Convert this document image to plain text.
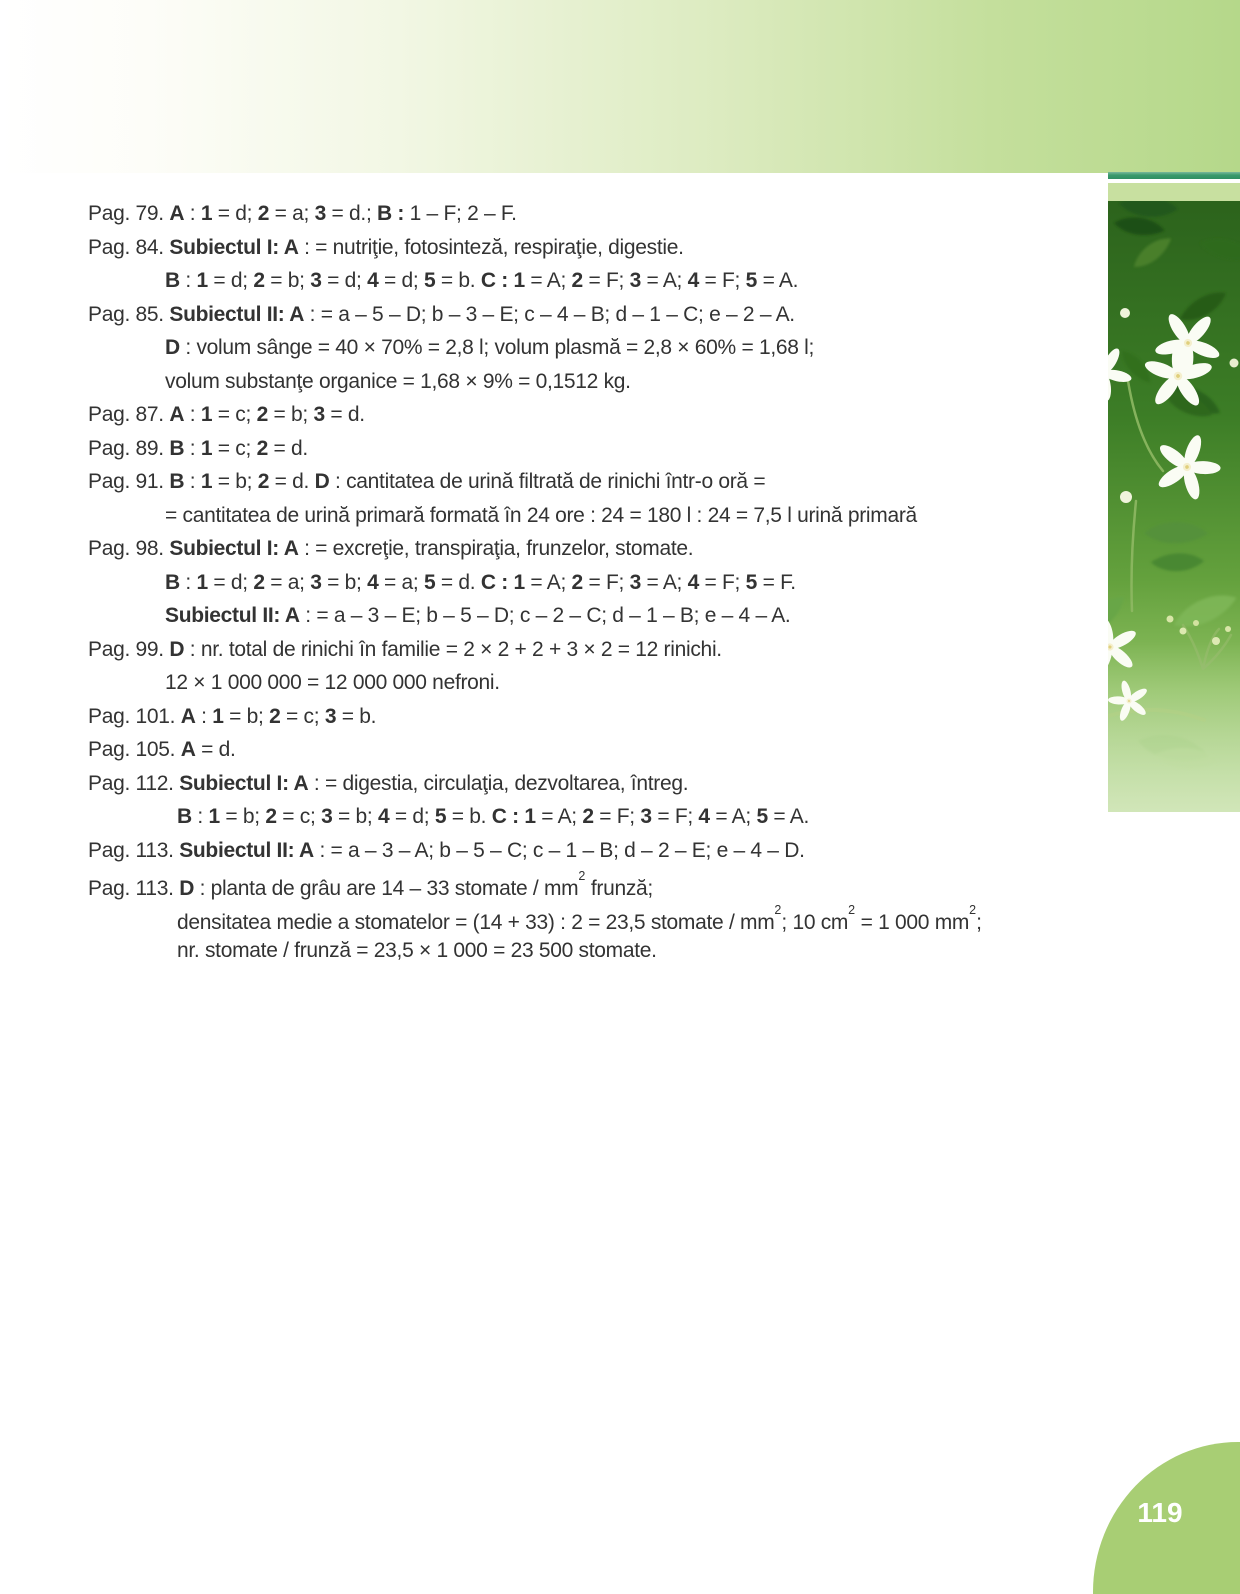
Pag. 79. A : 1 = d; 2 = a; 3 = d.; B : 1 – F; 2 – F.
Pag. 84. Subiectul I: A : = nutriţie, fotosinteză, respiraţie, digestie.
B : 1 = d; 2 = b; 3 = d; 4 = d; 5 = b. C : 1 = A; 2 = F; 3 = A; 4 = F; 5 = A.
Pag. 85. Subiectul II: A : = a – 5 – D; b – 3 – E; c – 4 – B; d – 1 – C; e – 2 – A.
D : volum sânge = 40 × 70% = 2,8 l; volum plasmă = 2,8 × 60% = 1,68 l;
volum substanţe organice = 1,68 × 9% = 0,1512 kg.
Pag. 87. A : 1 = c; 2 = b; 3 = d.
Pag. 89. B : 1 = c; 2 = d.
Pag. 91. B : 1 = b; 2 = d. D : cantitatea de urină filtrată de rinichi într-o oră =
= cantitatea de urină primară formată în 24 ore : 24 = 180 l : 24 = 7,5 l urină primară
Pag. 98. Subiectul I: A : = excreţie, transpiraţia, frunzelor, stomate.
B : 1 = d; 2 = a; 3 = b; 4 = a; 5 = d. C : 1 = A; 2 = F; 3 = A; 4 = F; 5 = F.
Subiectul II: A : = a – 3 – E; b – 5 – D; c – 2 – C; d – 1 – B; e – 4 – A.
Pag. 99. D : nr. total de rinichi în familie = 2 × 2 + 2 + 3 × 2 = 12 rinichi.
12 × 1 000 000 = 12 000 000 nefroni.
Pag. 101. A : 1 = b; 2 = c; 3 = b.
Pag. 105. A = d.
Pag. 112. Subiectul I: A : = digestia, circulaţia, dezvoltarea, întreg.
B : 1 = b; 2 = c; 3 = b; 4 = d; 5 = b. C : 1 = A; 2 = F; 3 = F; 4 = A; 5 = A.
Pag. 113. Subiectul II: A : = a – 3 – A; b – 5 – C; c – 1 – B; d – 2 – E; e – 4 – D.
Pag. 113. D : planta de grâu are 14 – 33 stomate / $mm^2$ frunză;
densitatea medie a stomatelor = (14 + 33) : 2 = 23,5 stomate / $mm^2$; 10 $cm^2 = 1$ 000 $mm^2$;
nr. stomate / frunză = 23,5 × 1 000 = 23 500 stomate.
119
